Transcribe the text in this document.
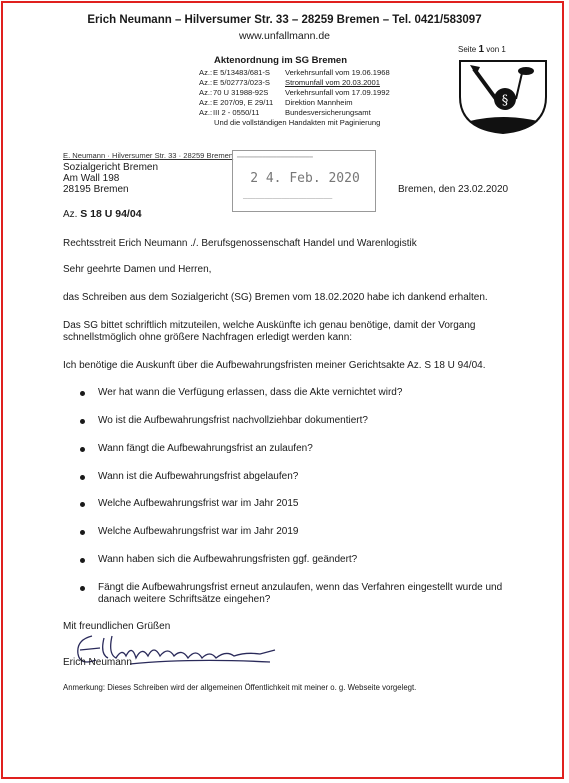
Erich Neumann – Hilversumer Str. 33 – 28259 Bremen – Tel. 0421/583097
www.unfallmann.de
Aktenordnung im SG Bremen
Az.:E 5/13483/681-S Verkehrsunfall vom 19.06.1968
Az.:E 5/02773/023-S Stromunfall vom 20.03.2001
Az.:70 U 31988-92S Verkehrsunfall vom 17.09.1992
Az.:E 207/09, E 29/11 Direktion Mannheim
Az.:III 2 - 0550/11	Bundesversicherungsamt
Und die vollständigen Handakten mit Paginierung
Seite 1 von 1
§
E. Neumann · Hilversumer Str. 33 · 28259 Bremen
Sozialgericht Bremen
Am Wall 198
28195 Bremen
━━━━━━━━━━━━━━━━━━━━━
2 4. Feb. 2020
─────────────────────
Bremen, den 23.02.2020
Az. S 18 U 94/04
Rechtsstreit Erich Neumann ./. Berufsgenossenschaft Handel und Warenlogistik
Sehr geehrte Damen und Herren,
das Schreiben aus dem Sozialgericht (SG) Bremen vom 18.02.2020 habe ich dankend erhalten.
Das SG bittet schriftlich mitzuteilen, welche Auskünfte ich genau benötige, damit der Vorgang
schnellstmöglich ohne größere Nachfragen erledigt werden kann:
Ich benötige die Auskunft über die Aufbewahrungsfristen meiner Gerichtsakte Az. S 18 U 94/04.
Wer hat wann die Verfügung erlassen, dass die Akte vernichtet wird?
Wo ist die Aufbewahrungsfrist nachvollziehbar dokumentiert?
Wann fängt die Aufbewahrungsfrist an zulaufen?
Wann ist die Aufbewahrungsfrist abgelaufen?
Welche Aufbewahrungsfrist war im Jahr 2015
Welche Aufbewahrungsfrist war im Jahr 2019
Wann haben sich die Aufbewahrungsfristen ggf. geändert?
Fängt die Aufbewahrungsfrist erneut anzulaufen, wenn das Verfahren eingestellt wurde und
danach weitere Schriftsätze eingehen?
Mit freundlichen Grüßen
Erich Neumann
Anmerkung: Dieses Schreiben wird der allgemeinen Öffentlichkeit mit meiner o. g. Webseite vorgelegt.
